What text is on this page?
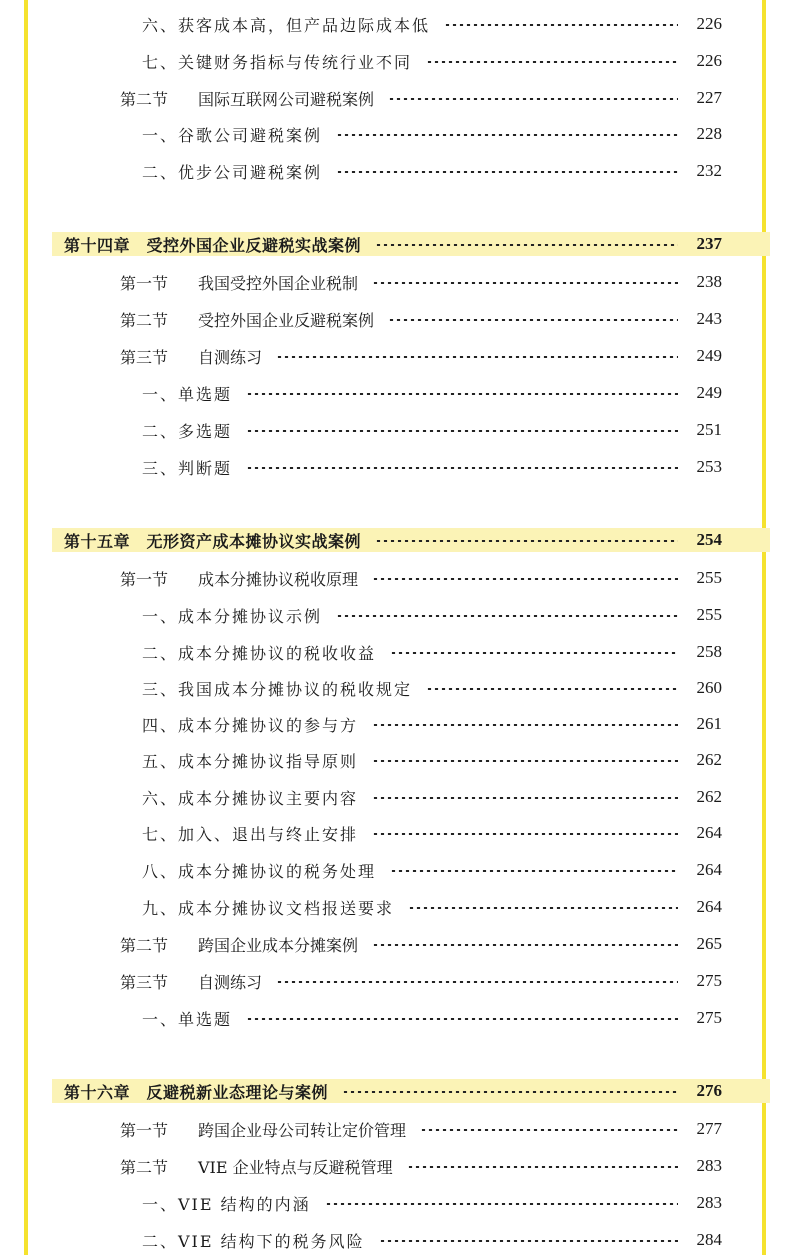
六、获客成本高，但产品边际成本低	226
七、关键财务指标与传统行业不同	226
第二节 国际互联网公司避税案例	227
一、谷歌公司避税案例	228
二、优步公司避税案例	232
第十四章　 受控外国企业反避税实战案例	237
第一节 我国受控外国企业税制	238
第二节 受控外国企业反避税案例	243
第三节 自测练习	249
一、单选题	249
二、多选题	251
三、判断题	253
第十五章　 无形资产成本摊协议实战案例	254
第一节 成本分摊协议税收原理	255
一、成本分摊协议示例	255
二、成本分摊协议的税收收益	258
三、我国成本分摊协议的税收规定	260
四、成本分摊协议的参与方	261
五、成本分摊协议指导原则	262
六、成本分摊协议主要内容	262
七、加入、退出与终止安排	264
八、成本分摊协议的税务处理	264
九、成本分摊协议文档报送要求	264
第二节 跨国企业成本分摊案例	265
第三节 自测练习	275
一、单选题	275
第十六章　 反避税新业态理论与案例	276
第一节 跨国企业母公司转让定价管理	277
第二节 VIE 企业特点与反避税管理	283
一、VIE 结构的内涵	283
二、VIE 结构下的税务风险	284
